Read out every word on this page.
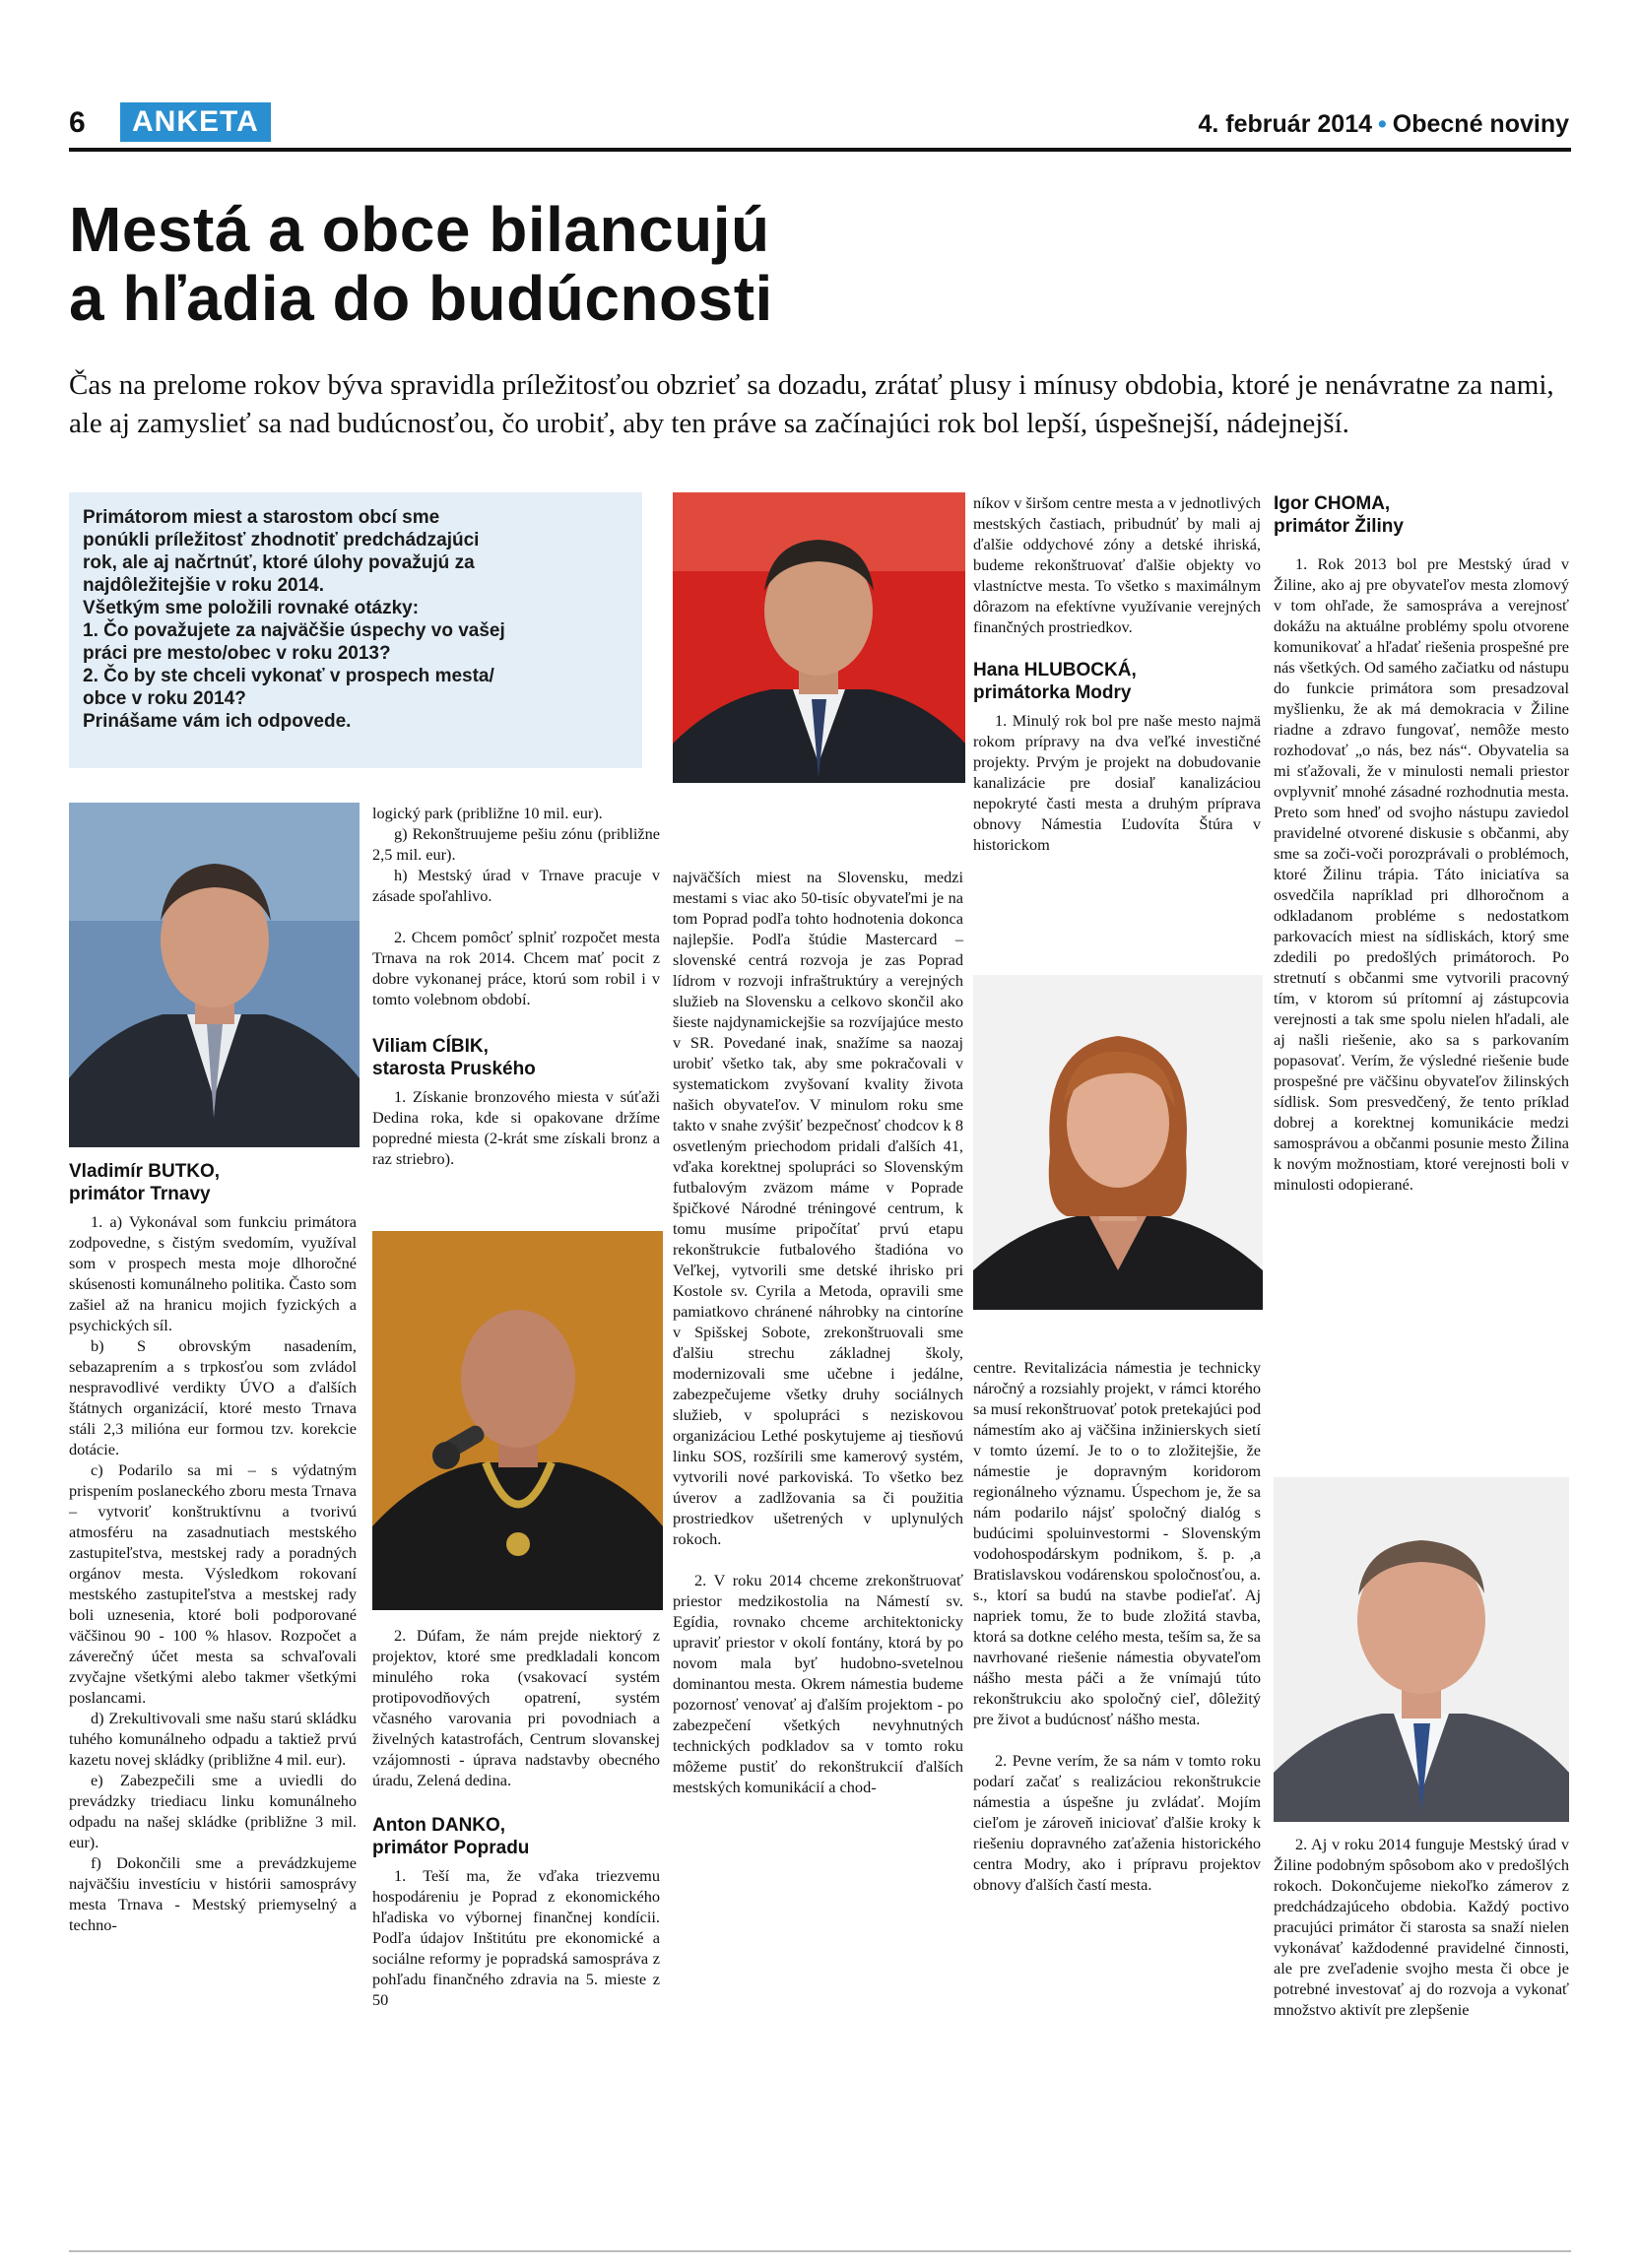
6	ANKETA	4. február 2014 • Obecné noviny
Mestá a obce bilancujú
a hľadia do budúcnosti
Čas na prelome rokov býva spravidla príležitosťou obzrieť sa dozadu, zrátať plusy i mínusy obdobia, ktoré je nenávratne za nami, ale aj zamyslieť sa nad budúcnosťou, čo urobiť, aby ten práve sa začínajúci rok bol lepší, úspešnejší, nádejnejší.

Primátorom miest a starostom obcí sme

ponúkli príležitosť zhodnotiť predchádzajúci

rok, ale aj načrtnúť, ktoré úlohy považujú za

najdôležitejšie v roku 2014.

Všetkým sme položili rovnaké otázky:

1. Čo považujete za najväčšie úspechy vo vašej

práci pre mesto/obec v roku 2013?

2. Čo by ste chceli vykonať v prospech mesta/

obce v roku 2014?

Prinášame vám ich odpovede.

Vladimír BUTKO,
primátor Trnavy

1. a) Vykonával som funkciu primátora zodpovedne, s čistým svedomím, využíval som v prospech mesta moje dlhoročné skúsenosti komunálneho politika. Často som zašiel až na hranicu mojich fyzických a psychických síl.

b) S obrovským nasadením, sebazaprením a s trpkosťou som zvládol nespravodlivé verdikty ÚVO a ďalších štátnych organizácií, ktoré mesto Trnava stáli 2,3 milióna eur formou tzv. korekcie dotácie.

c) Podarilo sa mi – s výdatným prispením poslaneckého zboru mesta Trnava – vytvoriť konštruktívnu a tvorivú atmosféru na zasadnutiach mestského zastupiteľstva, mestskej rady a poradných orgánov mesta. Výsledkom rokovaní mestského zastupiteľstva a mestskej rady boli uznesenia, ktoré boli podporované väčšinou 90 - 100 % hlasov. Rozpočet a záverečný účet mesta sa schvaľovali zvyčajne všetkými alebo takmer všetkými poslancami.

d) Zrekultivovali sme našu starú skládku tuhého komunálneho odpadu a taktiež prvú kazetu novej skládky (približne 4 mil. eur).

e) Zabezpečili sme a uviedli do prevádzky triediacu linku komunálneho odpadu na našej skládke (približne 3 mil. eur).

f) Dokončili sme a prevádzkujeme najväčšiu investíciu v histórii samosprávy mesta Trnava - Mestský priemyselný a techno-

logický park (približne 10 mil. eur).

g) Rekonštruujeme pešiu zónu (približne 2,5 mil. eur).

h) Mestský úrad v Trnave pracuje v zásade spoľahlivo.

2. Chcem pomôcť splniť rozpočet mesta Trnava na rok 2014. Chcem mať pocit z dobre vykonanej práce, ktorú som robil i v tomto volebnom období.

Viliam CÍBIK,
starosta Pruského

1. Získanie bronzového miesta v súťaži Dedina roka, kde si opakovane držíme popredné miesta (2-krát sme získali bronz a raz striebro).

2. Dúfam, že nám prejde niektorý z projektov, ktoré sme predkladali koncom minulého roka (vsakovací systém protipovodňových opatrení, systém včasného varovania pri povodniach a živelných katastrofách, Centrum slovanskej vzájomnosti - úprava nadstavby obecného úradu, Zelená dedina.

Anton DANKO,
primátor Popradu

1. Teší ma, že vďaka triezvemu hospodáreniu je Poprad z ekonomického hľadiska vo výbornej finančnej kondícii. Podľa údajov Inštitútu pre ekonomické a sociálne reformy je popradská samospráva z pohľadu finančného zdravia na 5. mieste z 50

najväčších miest na Slovensku, medzi mestami s viac ako 50-tisíc obyvateľmi je na tom Poprad podľa tohto hodnotenia dokonca najlepšie. Podľa štúdie Mastercard – slovenské centrá rozvoja je zas Poprad lídrom v rozvoji infraštruktúry a verejných služieb na Slovensku a celkovo skončil ako šieste najdynamickejšie sa rozvíjajúce mesto v SR. Povedané inak, snažíme sa naozaj urobiť všetko tak, aby sme pokračovali v systematickom zvyšovaní kvality života našich obyvateľov. V minulom roku sme takto v snahe zvýšiť bezpečnosť chodcov k 8 osvetleným priechodom pridali ďalších 41, vďaka korektnej spolupráci so Slovenským futbalovým zväzom máme v Poprade špičkové Národné tréningové centrum, k tomu musíme pripočítať prvú etapu rekonštrukcie futbalového štadióna vo Veľkej, vytvorili sme detské ihrisko pri Kostole sv. Cyrila a Metoda, opravili sme pamiatkovo chránené náhrobky na cintoríne v Spišskej Sobote, zrekonštruovali sme ďalšiu strechu základnej školy, modernizovali sme učebne i jedálne, zabezpečujeme všetky druhy sociálnych služieb, v spolupráci s neziskovou organizáciou Lethé poskytujeme aj tiesňovú linku SOS, rozšírili sme kamerový systém, vytvorili nové parkoviská. To všetko bez úverov a zadlžovania sa či použitia prostriedkov ušetrených v uplynulých rokoch.

2. V roku 2014 chceme zrekonštruovať priestor medzikostolia na Námestí sv. Egídia, rovnako chceme architektonicky upraviť priestor v okolí fontány, ktorá by po novom mala byť hudobno-svetelnou dominantou mesta. Okrem námestia budeme pozornosť venovať aj ďalším projektom - po zabezpečení všetkých nevyhnutných technických podkladov sa v tomto roku môžeme pustiť do rekonštrukcií ďalších mestských komunikácií a chod-

níkov v širšom centre mesta a v jednotlivých mestských častiach, pribudnúť by mali aj ďalšie oddychové zóny a detské ihriská, budeme rekonštruovať ďalšie objekty vo vlastníctve mesta. To všetko s maximálnym dôrazom na efektívne využívanie verejných finančných prostriedkov.

Hana HLUBOCKÁ,
primátorka Modry

1. Minulý rok bol pre naše mesto najmä rokom prípravy na dva veľké investičné projekty. Prvým je projekt na dobudovanie kanalizácie pre dosiaľ kanalizáciou nepokryté časti mesta a druhým príprava obnovy Námestia Ľudovíta Štúra v historickom

centre. Revitalizácia námestia je technicky náročný a rozsiahly projekt, v rámci ktorého sa musí rekonštruovať potok pretekajúci pod námestím ako aj väčšina inžinierskych sietí v tomto území. Je to o to zložitejšie, že námestie je dopravným koridorom regionálneho významu. Úspechom je, že sa nám podarilo nájsť spoločný dialóg s budúcimi spoluinvestormi - Slovenským vodohospodárskym podnikom, š. p. ,a Bratislavskou vodárenskou spoločnosťou, a. s., ktorí sa budú na stavbe podieľať. Aj napriek tomu, že to bude zložitá stavba, ktorá sa dotkne celého mesta, teším sa, že sa navrhované riešenie námestia obyvateľom nášho mesta páči a že vnímajú túto rekonštrukciu ako spoločný cieľ, dôležitý pre život a budúcnosť nášho mesta.

2. Pevne verím, že sa nám v tomto roku podarí začať s realizáciou rekonštrukcie námestia a úspešne ju zvládať. Mojím cieľom je zároveň iniciovať ďalšie kroky k riešeniu dopravného zaťaženia historického centra Modry, ako i prípravu projektov obnovy ďalších častí mesta.

Igor CHOMA,
primátor Žiliny

1. Rok 2013 bol pre Mestský úrad v Žiline, ako aj pre obyvateľov mesta zlomový v tom ohľade, že samospráva a verejnosť dokážu na aktuálne problémy spolu otvorene komunikovať a hľadať riešenia prospešné pre nás všetkých. Od samého začiatku od nástupu do funkcie primátora som presadzoval myšlienku, že ak má demokracia v Žiline riadne a zdravo fungovať, nemôže mesto rozhodovať „o nás, bez nás“. Obyvatelia sa mi sťažovali, že v minulosti nemali priestor ovplyvniť mnohé zásadné rozhodnutia mesta. Preto som hneď od svojho nástupu zaviedol pravidelné otvorené diskusie s občanmi, aby sme sa zoči-voči porozprávali o problémoch, ktoré Žilinu trápia. Táto iniciatíva sa osvedčila napríklad pri dlhoročnom a odkladanom probléme s nedostatkom parkovacích miest na sídliskách, ktorý sme zdedili po predošlých primátoroch. Po stretnutí s občanmi sme vytvorili pracovný tím, v ktorom sú prítomní aj zástupcovia verejnosti a tak sme spolu nielen hľadali, ale aj našli riešenie, ako sa s parkovaním popasovať. Verím, že výsledné riešenie bude prospešné pre väčšinu obyvateľov žilinských sídlisk. Som presvedčený, že tento príklad dobrej a korektnej komunikácie medzi samosprávou a občanmi posunie mesto Žilina k novým možnostiam, ktoré verejnosti boli v minulosti odopierané.

2. Aj v roku 2014 funguje Mestský úrad v Žiline podobným spôsobom ako v predošlých rokoch. Dokončujeme niekoľko zámerov z predchádzajúceho obdobia. Každý poctivo pracujúci primátor či starosta sa snaží nielen vykonávať každodenné pravidelné činnosti, ale pre zveľadenie svojho mesta či obce je potrebné investovať aj do rozvoja a vykonať množstvo aktivít pre zlepšenie
